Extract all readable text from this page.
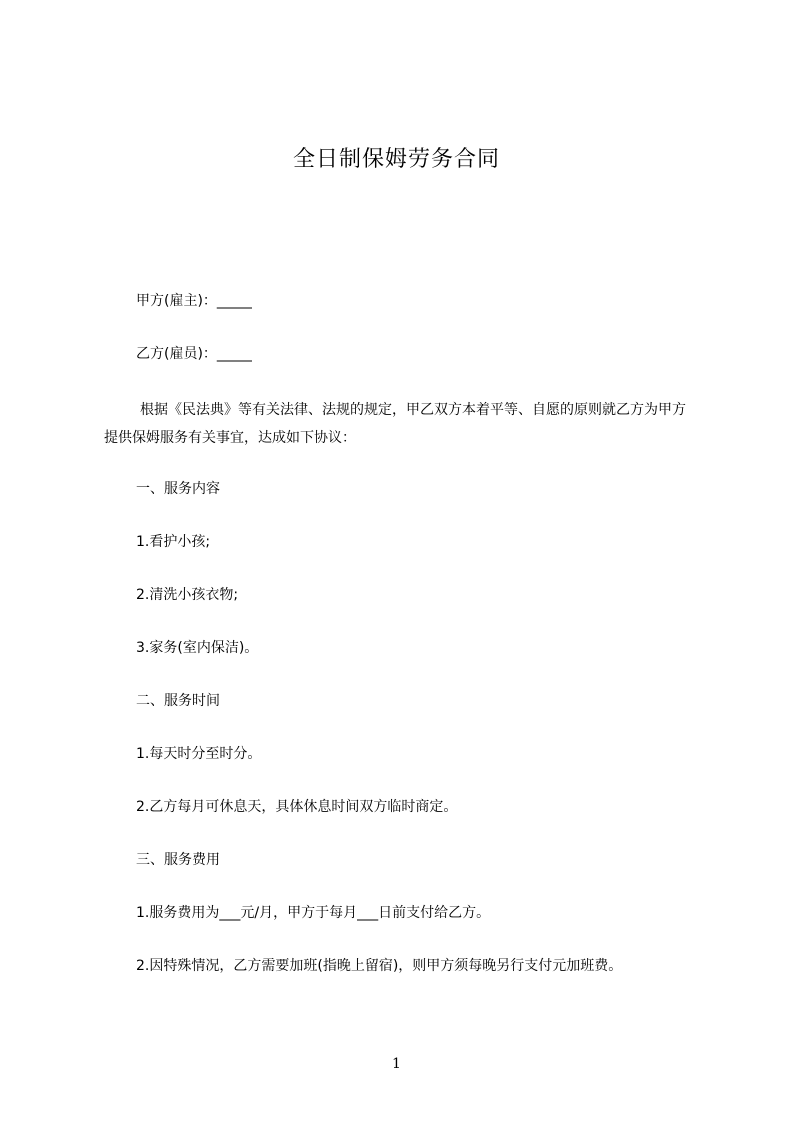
全日制保姆劳务合同
甲方(雇主)：_____
乙方(雇员)：_____
根据《民法典》等有关法律、法规的规定，甲乙双方本着平等、自愿的原则就乙方为甲方提供保姆服务有关事宜，达成如下协议：
一、服务内容
1.看护小孩;
2.清洗小孩衣物;
3.家务(室内保洁)。
二、服务时间
1.每天时分至时分。
2.乙方每月可休息天，具体休息时间双方临时商定。
三、服务费用
1.服务费用为___元/月，甲方于每月___日前支付给乙方。
2.因特殊情况，乙方需要加班(指晚上留宿)，则甲方须每晚另行支付元加班费。
1
